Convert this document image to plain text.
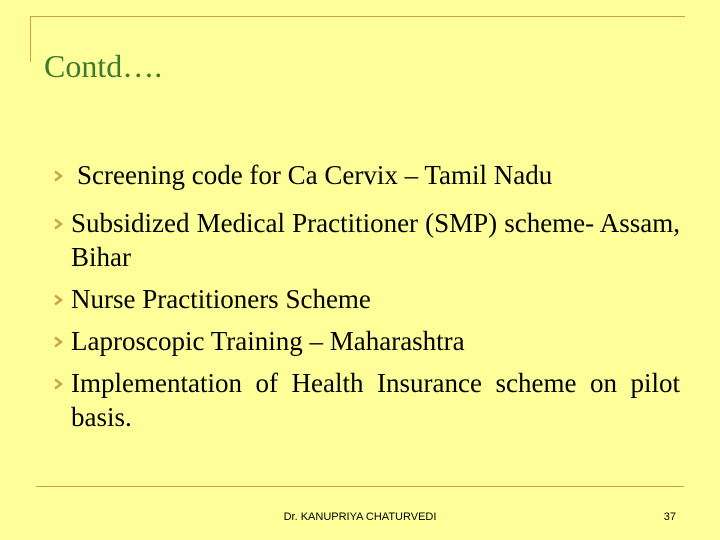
Contd….
Screening code for Ca Cervix – Tamil Nadu
Subsidized Medical Practitioner (SMP) scheme- Assam, Bihar
Nurse Practitioners Scheme
Laproscopic Training – Maharashtra
Implementation of Health Insurance scheme on pilot basis.
Dr. KANUPRIYA CHATURVEDI	37
